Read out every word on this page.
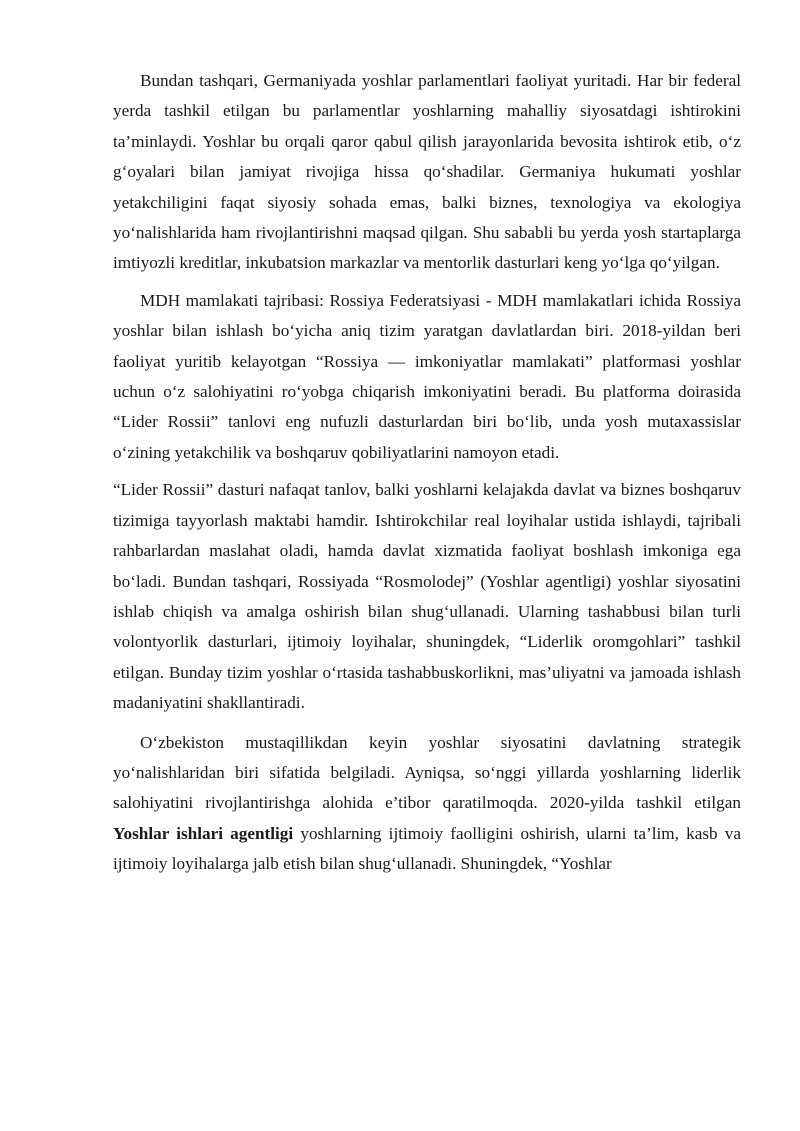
Bundan tashqari, Germaniyada yoshlar parlamentlari faoliyat yuritadi. Har bir federal yerda tashkil etilgan bu parlamentlar yoshlarning mahalliy siyosatdagi ishtirokini ta’minlaydi. Yoshlar bu orqali qaror qabul qilish jarayonlarida bevosita ishtirok etib, o‘z g‘oyalari bilan jamiyat rivojiga hissa qo‘shadilar. Germaniya hukumati yoshlar yetakchiligini faqat siyosiy sohada emas, balki biznes, texnologiya va ekologiya yo‘nalishlarida ham rivojlantirishni maqsad qilgan. Shu sababli bu yerda yosh startaplarga imtiyozli kreditlar, inkubatsion markazlar va mentorlik dasturlari keng yo‘lga qo‘yilgan.

MDH mamlakati tajribasi: Rossiya Federatsiyasi - MDH mamlakatlari ichida Rossiya yoshlar bilan ishlash bo‘yicha aniq tizim yaratgan davlatlardan biri. 2018-yildan beri faoliyat yuritib kelayotgan “Rossiya — imkoniyatlar mamlakati” platformasi yoshlar uchun o‘z salohiyatini ro‘yobga chiqarish imkoniyatini beradi. Bu platforma doirasida “Lider Rossii” tanlovi eng nufuzli dasturlardan biri bo‘lib, unda yosh mutaxassislar o‘zining yetakchilik va boshqaruv qobiliyatlarini namoyon etadi.

“Lider Rossii” dasturi nafaqat tanlov, balki yoshlarni kelajakda davlat va biznes boshqaruv tizimiga tayyorlash maktabi hamdir. Ishtirokchilar real loyihalar ustida ishlaydi, tajribali rahbarlardan maslahat oladi, hamda davlat xizmatida faoliyat boshlash imkoniga ega bo‘ladi. Bundan tashqari, Rossiyada “Rosmolodej” (Yoshlar agentligi) yoshlar siyosatini ishlab chiqish va amalga oshirish bilan shug‘ullanadi. Ularning tashabbusi bilan turli volontyorlik dasturlari, ijtimoiy loyihalar, shuningdek, “Liderlik oromgohlari” tashkil etilgan. Bunday tizim yoshlar o‘rtasida tashabbuskorlikni, mas’uliyatni va jamoada ishlash madaniyatini shakllantiradi.

O‘zbekiston mustaqillikdan keyin yoshlar siyosatini davlatning strategik yo‘nalishlaridan biri sifatida belgiladi. Ayniqsa, so‘nggi yillarda yoshlarning liderlik salohiyatini rivojlantirishga alohida e’tibor qaratilmoqda. 2020-yilda tashkil etilgan Yoshlar ishlari agentligi yoshlarning ijtimoiy faolligini oshirish, ularni ta’lim, kasb va ijtimoiy loyihalarga jalb etish bilan shug‘ullanadi. Shuningdek, “Yoshlar
